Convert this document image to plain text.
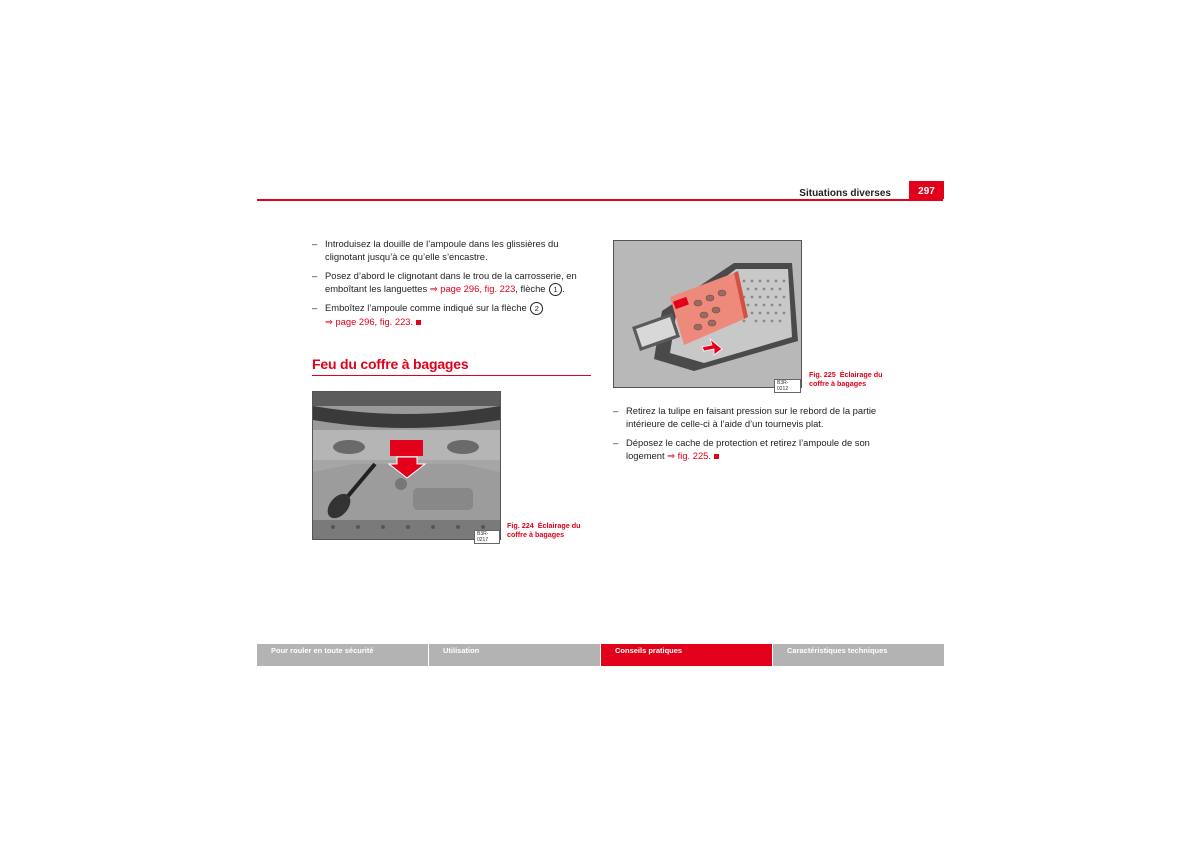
Situations diverses	297
– Introduisez la douille de l’ampoule dans les glissières du clignotant jusqu’à ce qu’elle s’encastre.
– Posez d’abord le clignotant dans le trou de la carrosserie, en emboîtant les languettes ⇒ page 296, fig. 223, flèche 1 .
– Emboîtez l’ampoule comme indiqué sur la flèche 2
⇒ page 296, fig. 223.
Feu du coffre à bagages
B3R-0217
Fig. 224 Éclairage du coffre à bagages
B3R-0212
Fig. 225 Éclairage du coffre à bagages
– Retirez la tulipe en faisant pression sur le rebord de la partie intérieure de celle-ci à l’aide d’un tournevis plat.
– Déposez le cache de protection et retirez l’ampoule de son logement ⇒ fig. 225.
Pour rouler en toute sécurité	Utilisation	Conseils pratiques	Caractéristiques techniques
